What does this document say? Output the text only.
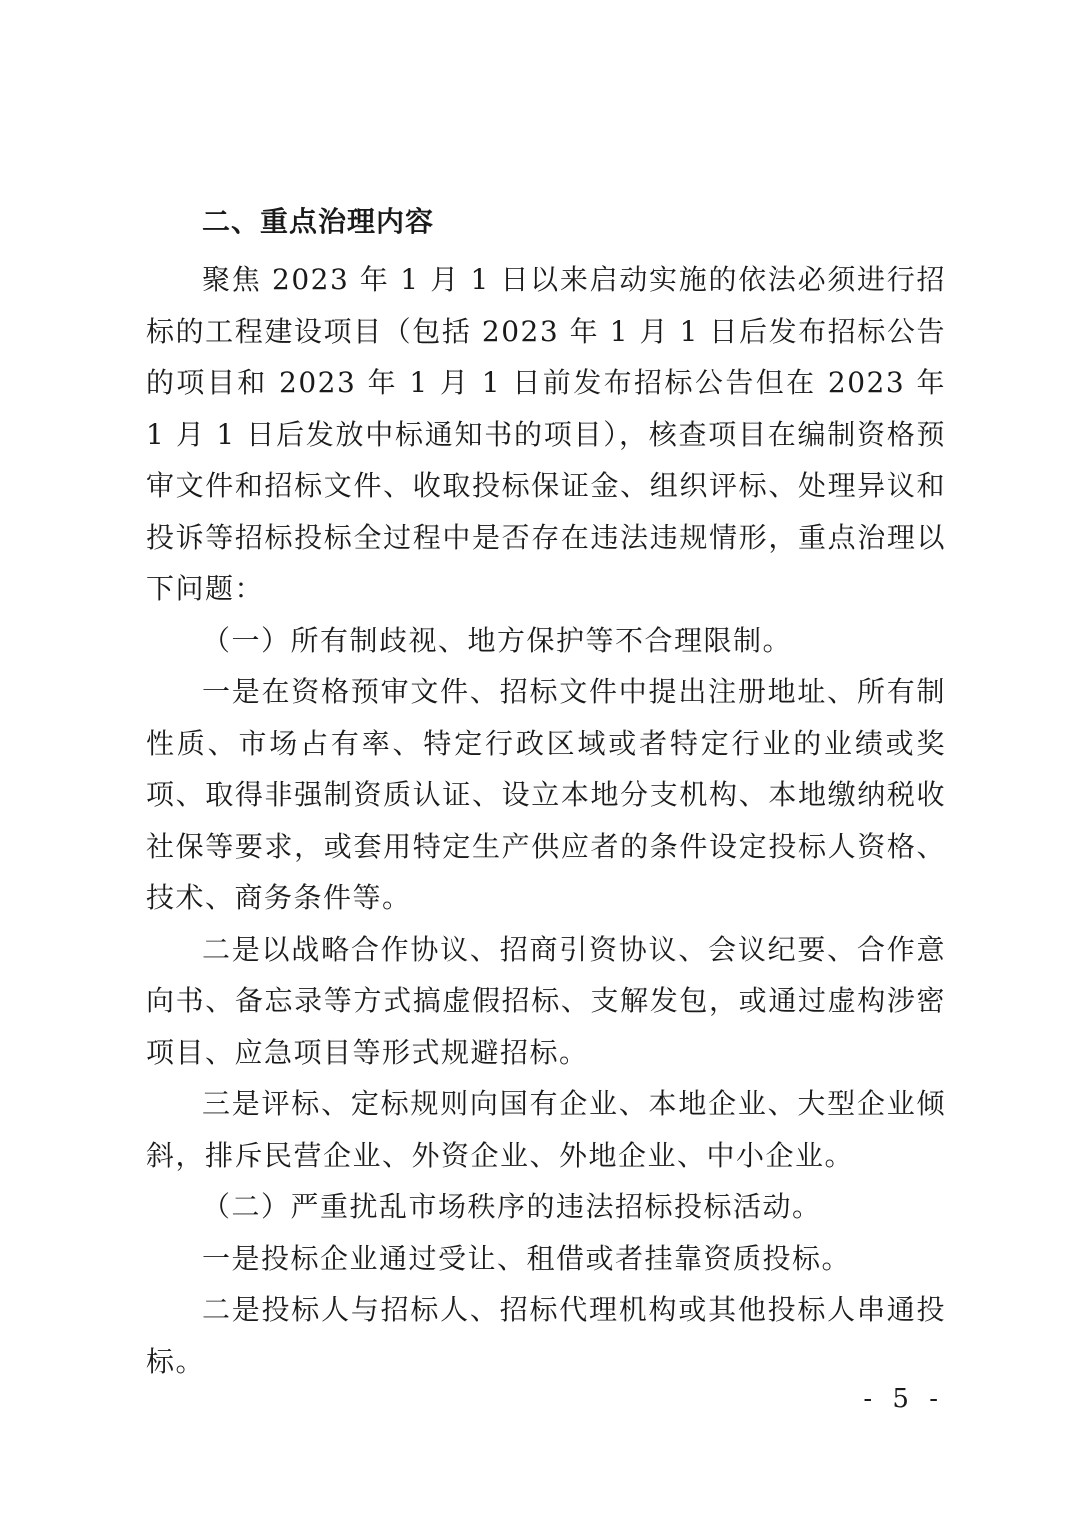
二、重点治理内容

聚焦 2023 年 1 月 1 日以来启动实施的依法必须进行招标的工程建设项目（包括 2023 年 1 月 1 日后发布招标公告的项目和 2023 年 1 月 1 日前发布招标公告但在 2023 年 1 月 1 日后发放中标通知书的项目），核查项目在编制资格预审文件和招标文件、收取投标保证金、组织评标、处理异议和投诉等招标投标全过程中是否存在违法违规情形，重点治理以下问题：

（一）所有制歧视、地方保护等不合理限制。

一是在资格预审文件、招标文件中提出注册地址、所有制性质、市场占有率、特定行政区域或者特定行业的业绩或奖项、取得非强制资质认证、设立本地分支机构、本地缴纳税收社保等要求，或套用特定生产供应者的条件设定投标人资格、技术、商务条件等。

二是以战略合作协议、招商引资协议、会议纪要、合作意向书、备忘录等方式搞虚假招标、支解发包，或通过虚构涉密项目、应急项目等形式规避招标。

三是评标、定标规则向国有企业、本地企业、大型企业倾斜，排斥民营企业、外资企业、外地企业、中小企业。

（二）严重扰乱市场秩序的违法招标投标活动。

一是投标企业通过受让、租借或者挂靠资质投标。

二是投标人与招标人、招标代理机构或其他投标人串通投标。

- 5 -
